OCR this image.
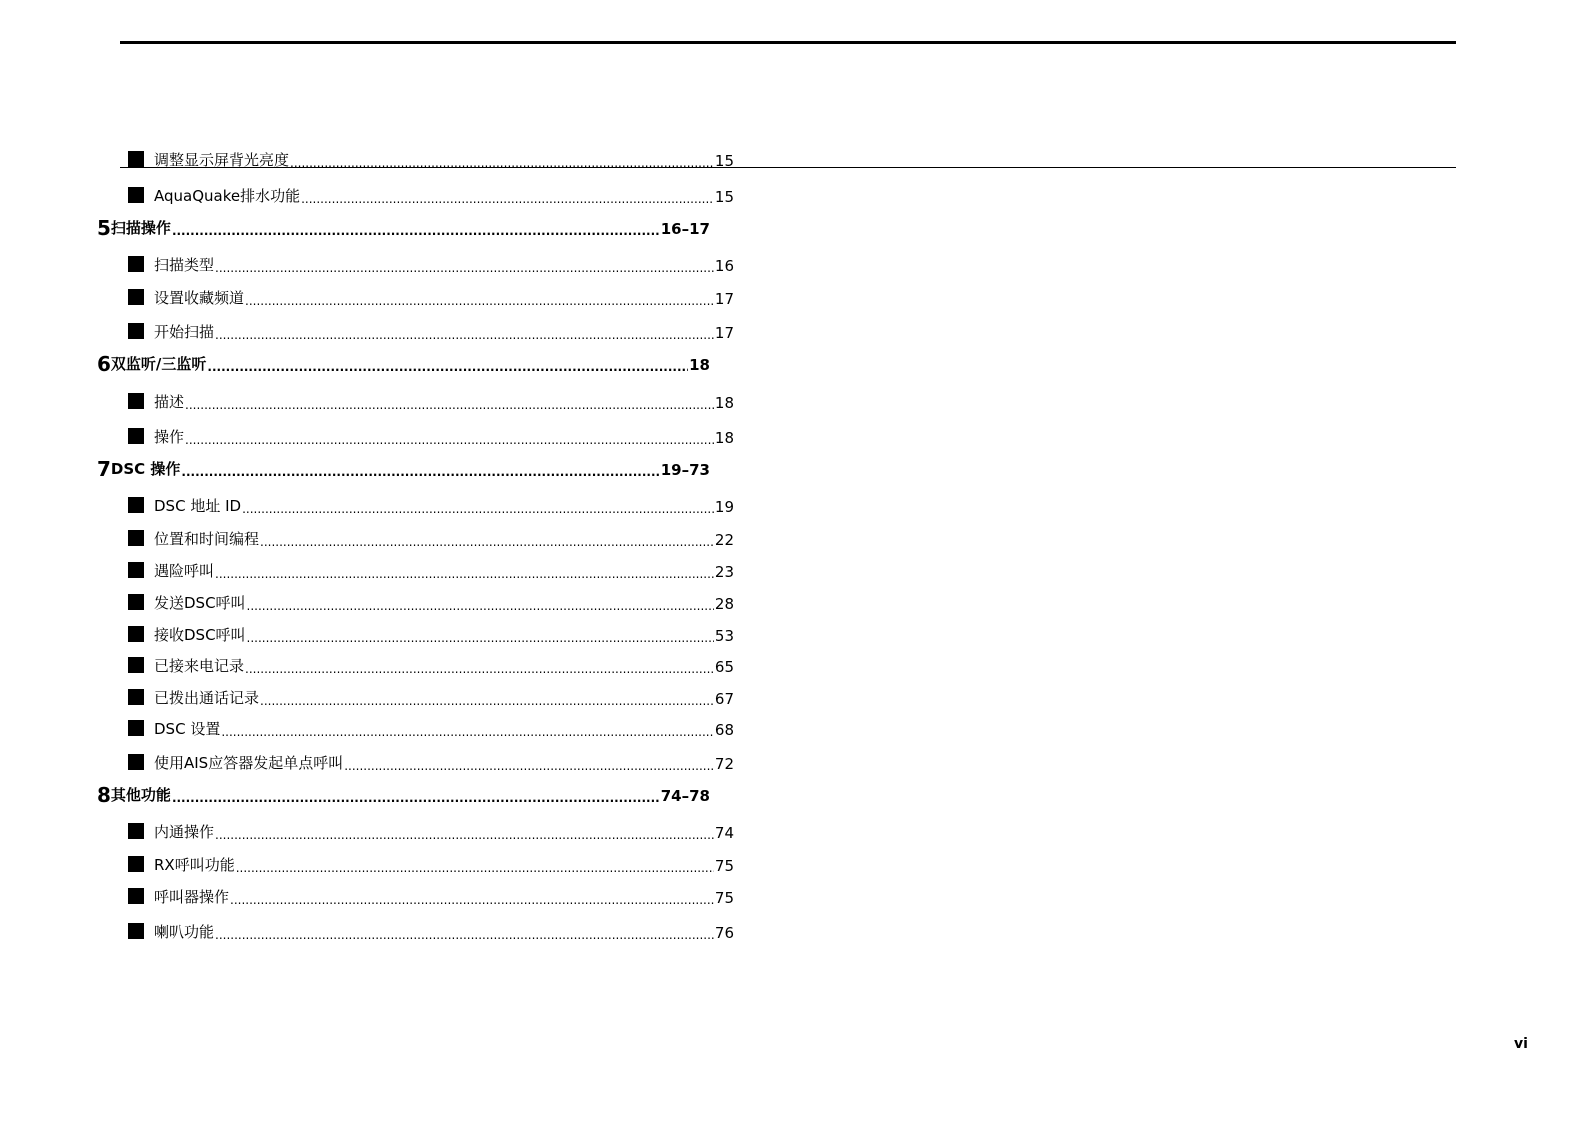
调整显示屏背光亮度 .....	15
AquaQuake排水功能 .....	15
5 扫描操作 .....	16–17
扫描类型 .....	16
设置收藏频道 .....	17
开始扫描 .....	17
6 双监听/三监听 .....	18
描述 .....	18
操作 .....	18
7 DSC 操作 .....	19–73
DSC 地址 ID .....	19
位置和时间编程 .....	22
遇险呼叫 .....	23
发送DSC呼叫 .....	28
接收DSC呼叫 .....	53
已接来电记录 .....	65
已拨出通话记录 .....	67
DSC 设置 .....	68
使用AIS应答器发起单点呼叫 .....	72
8 其他功能 .....	74–78
内通操作 .....	74
RX呼叫功能 .....	75
呼叫器操作 .....	75
喇叭功能 .....	76
vi
